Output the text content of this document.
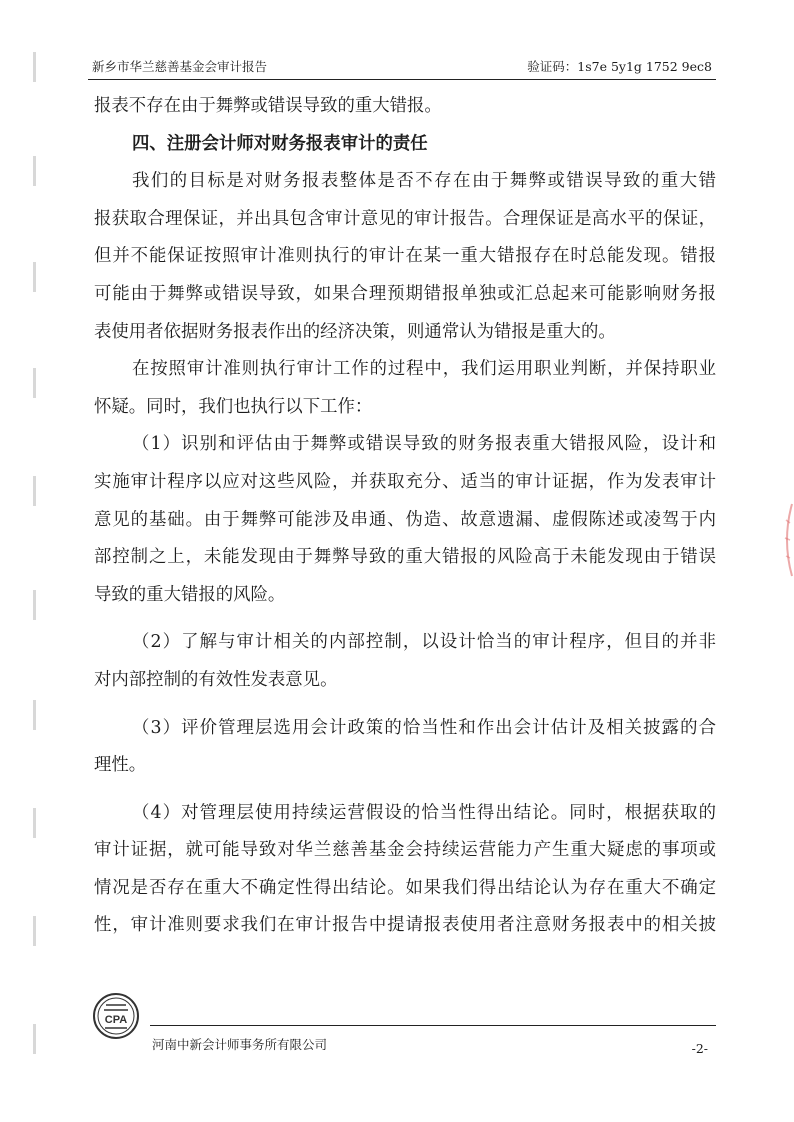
新乡市华兰慈善基金会审计报告	验证码：1s7e 5y1g 1752 9ec8
报表不存在由于舞弊或错误导致的重大错报。
四、注册会计师对财务报表审计的责任
我们的目标是对财务报表整体是否不存在由于舞弊或错误导致的重大错
报获取合理保证，并出具包含审计意见的审计报告。合理保证是高水平的保证，
但并不能保证按照审计准则执行的审计在某一重大错报存在时总能发现。错报
可能由于舞弊或错误导致，如果合理预期错报单独或汇总起来可能影响财务报
表使用者依据财务报表作出的经济决策，则通常认为错报是重大的。
在按照审计准则执行审计工作的过程中，我们运用职业判断，并保持职业
怀疑。同时，我们也执行以下工作：
（1）识别和评估由于舞弊或错误导致的财务报表重大错报风险，设计和
实施审计程序以应对这些风险，并获取充分、适当的审计证据，作为发表审计
意见的基础。由于舞弊可能涉及串通、伪造、故意遗漏、虚假陈述或凌驾于内
部控制之上，未能发现由于舞弊导致的重大错报的风险高于未能发现由于错误
导致的重大错报的风险。
（2）了解与审计相关的内部控制，以设计恰当的审计程序，但目的并非
对内部控制的有效性发表意见。
（3）评价管理层选用会计政策的恰当性和作出会计估计及相关披露的合
理性。
（4）对管理层使用持续运营假设的恰当性得出结论。同时，根据获取的
审计证据，就可能导致对华兰慈善基金会持续运营能力产生重大疑虑的事项或
情况是否存在重大不确定性得出结论。如果我们得出结论认为存在重大不确定
性，审计准则要求我们在审计报告中提请报表使用者注意财务报表中的相关披
CPA
河南中新会计师事务所有限公司	-2-
